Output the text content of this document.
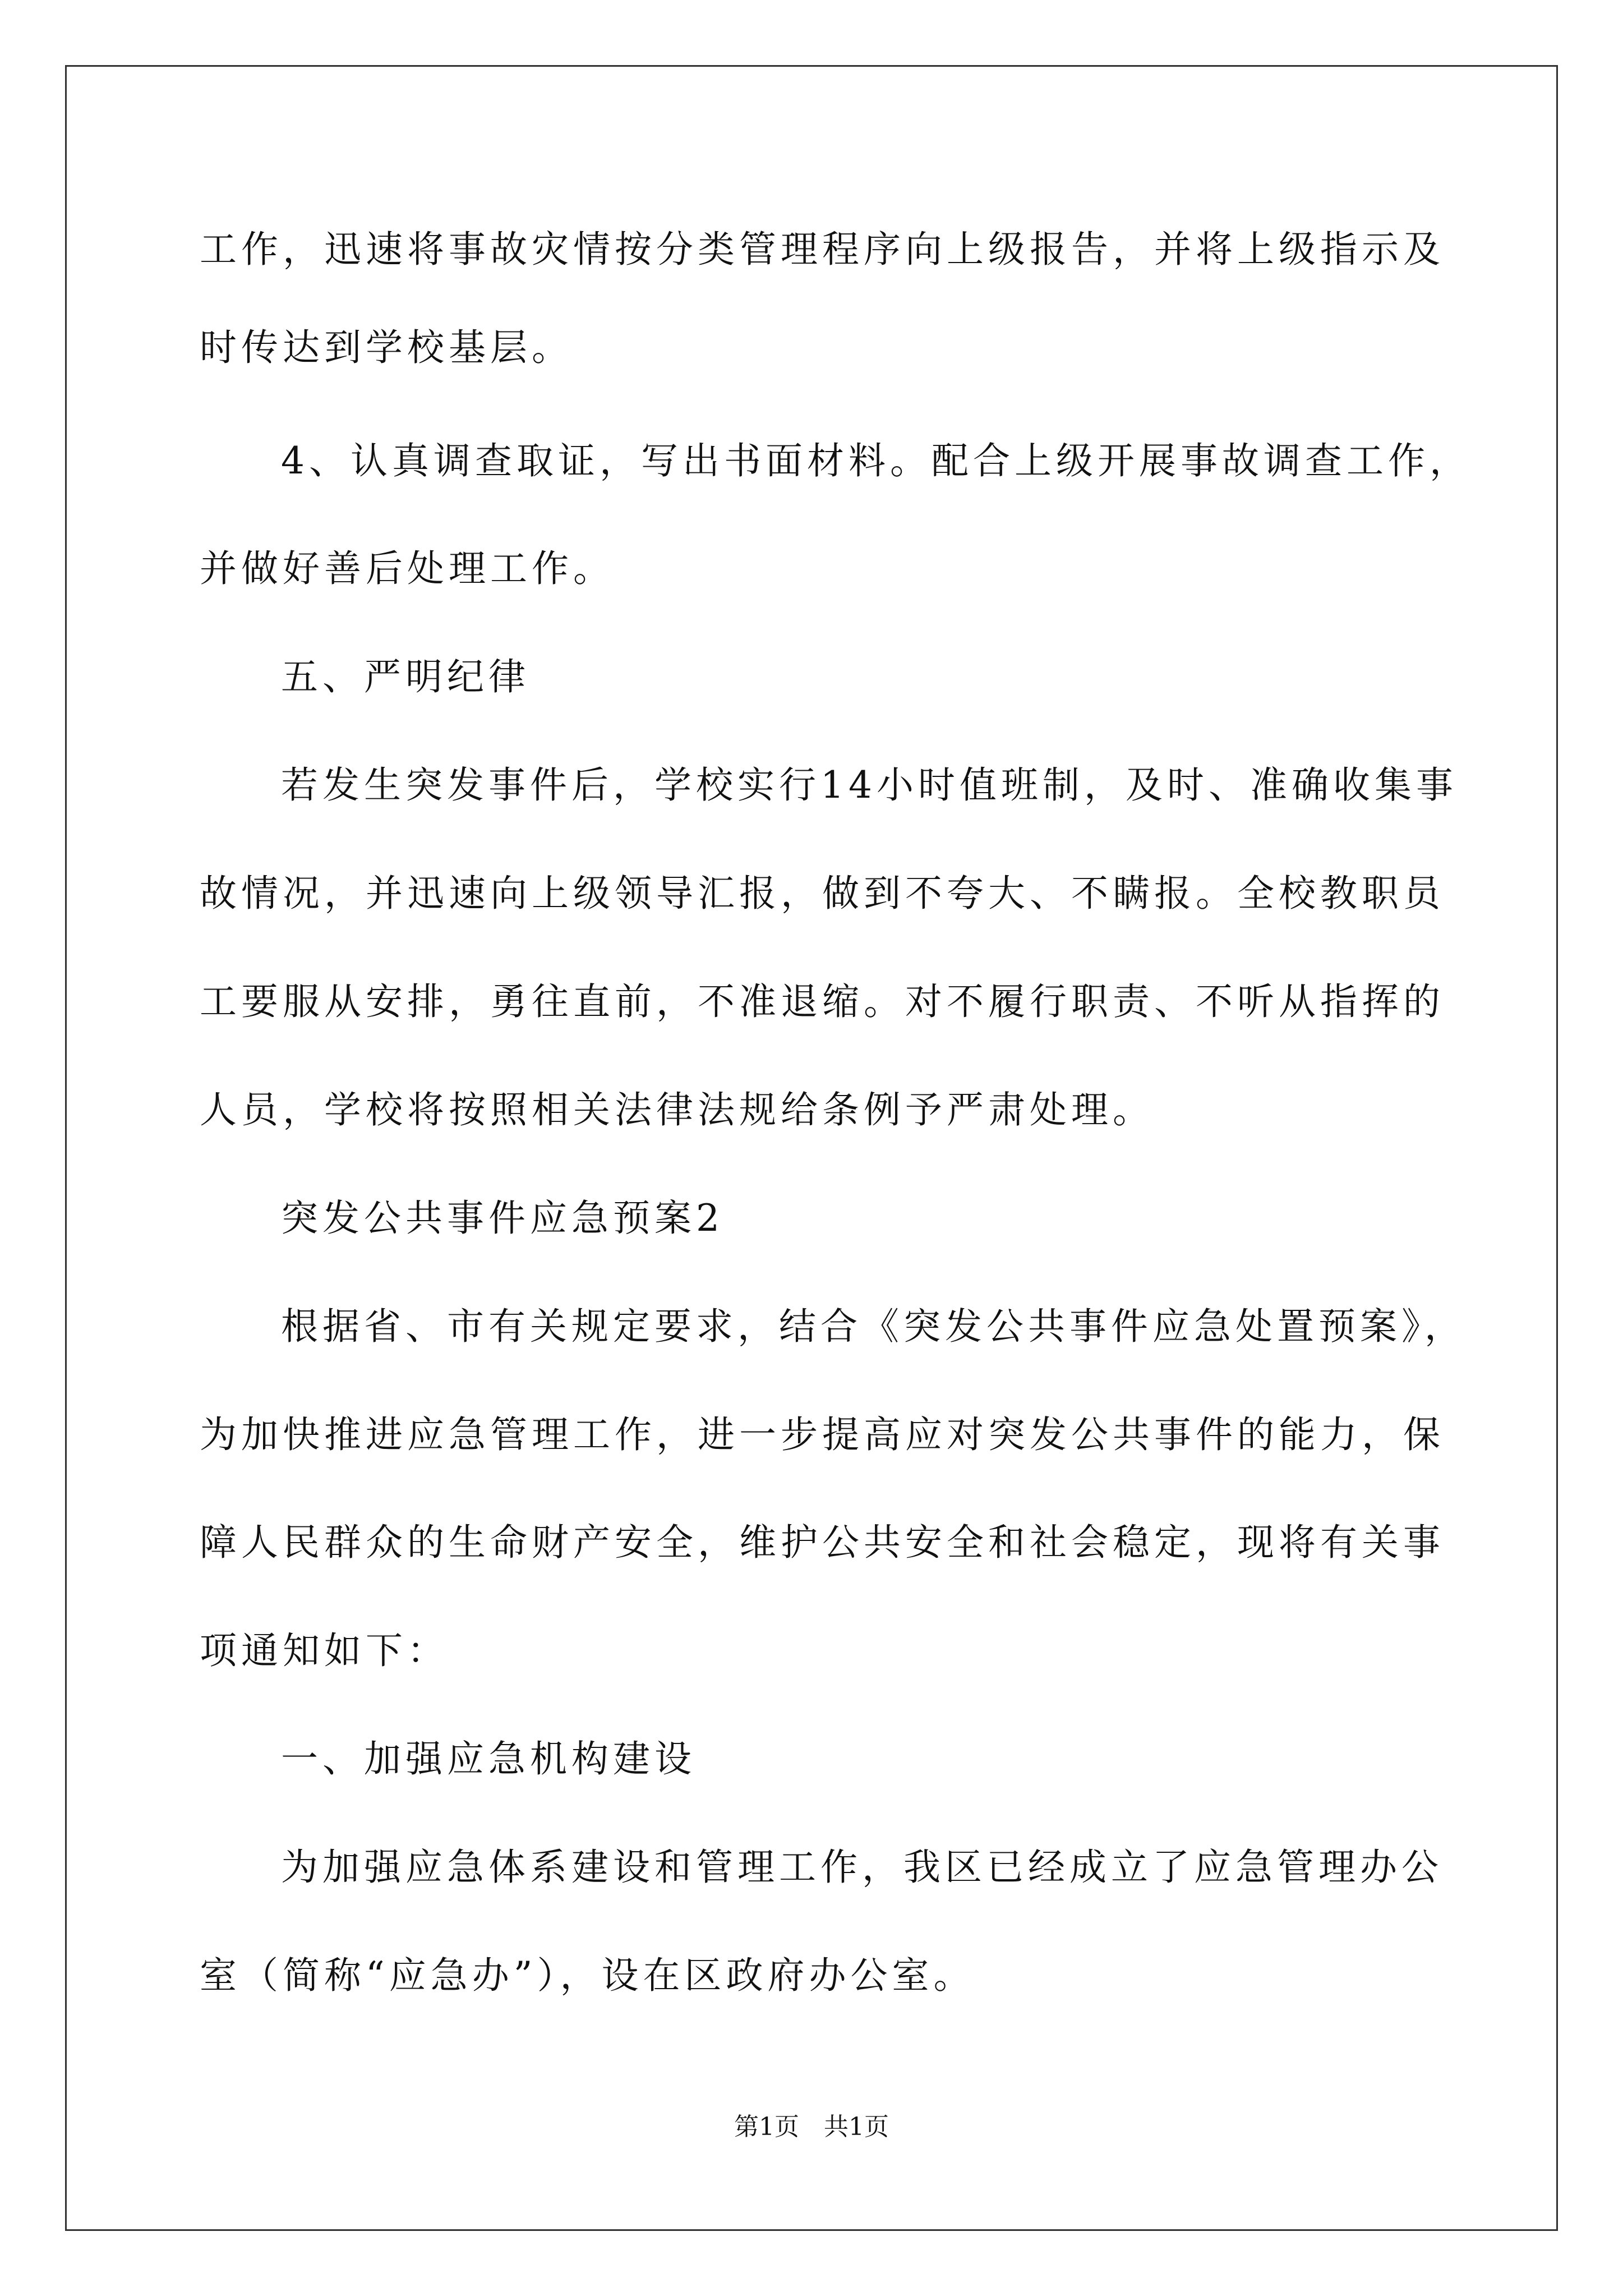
工作，迅速将事故灾情按分类管理程序向上级报告，并将上级指示及
时传达到学校基层。
4、认真调查取证，写出书面材料。配合上级开展事故调查工作，
并做好善后处理工作。
五、严明纪律
若发生突发事件后，学校实行14小时值班制，及时、准确收集事
故情况，并迅速向上级领导汇报，做到不夸大、不瞒报。全校教职员
工要服从安排，勇往直前，不准退缩。对不履行职责、不听从指挥的
人员，学校将按照相关法律法规给条例予严肃处理。
突发公共事件应急预案2
根据省、市有关规定要求，结合《突发公共事件应急处置预案》，
为加快推进应急管理工作，进一步提高应对突发公共事件的能力，保
障人民群众的生命财产安全，维护公共安全和社会稳定，现将有关事
项通知如下：
一、加强应急机构建设
为加强应急体系建设和管理工作，我区已经成立了应急管理办公
室（简称“应急办”），设在区政府办公室。
第1页 共1页
